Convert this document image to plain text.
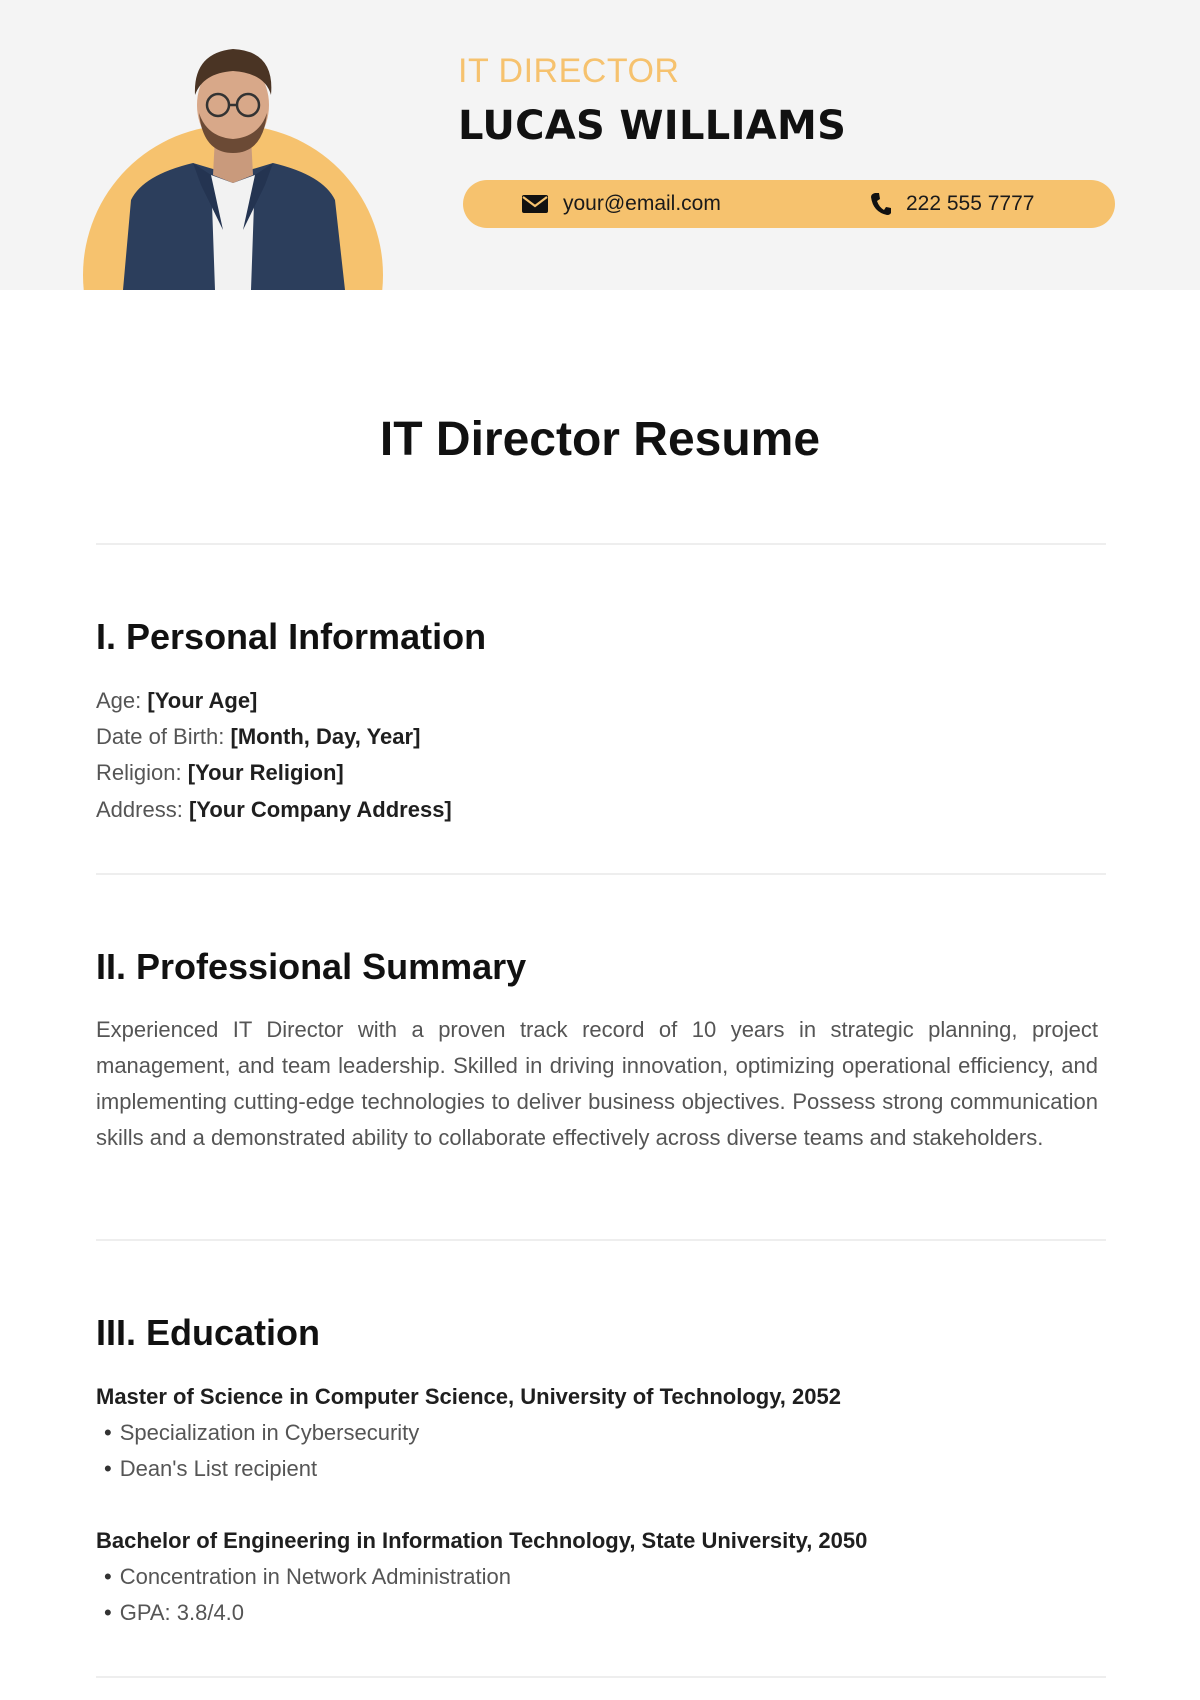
IT DIRECTOR
LUCAS WILLIAMS
your@email.com	222 555 7777
IT Director Resume
I. Personal Information
Age: [Your Age]
Date of Birth: [Month, Day, Year]
Religion: [Your Religion]
Address: [Your Company Address]
II. Professional Summary
Experienced IT Director with a proven track record of 10 years in strategic planning, project management, and team leadership. Skilled in driving innovation, optimizing operational efficiency, and implementing cutting-edge technologies to deliver business objectives. Possess strong communication skills and a demonstrated ability to collaborate effectively across diverse teams and stakeholders.
III. Education
Master of Science in Computer Science, University of Technology, 2052
• Specialization in Cybersecurity
• Dean's List recipient
Bachelor of Engineering in Information Technology, State University, 2050
• Concentration in Network Administration
• GPA: 3.8/4.0
